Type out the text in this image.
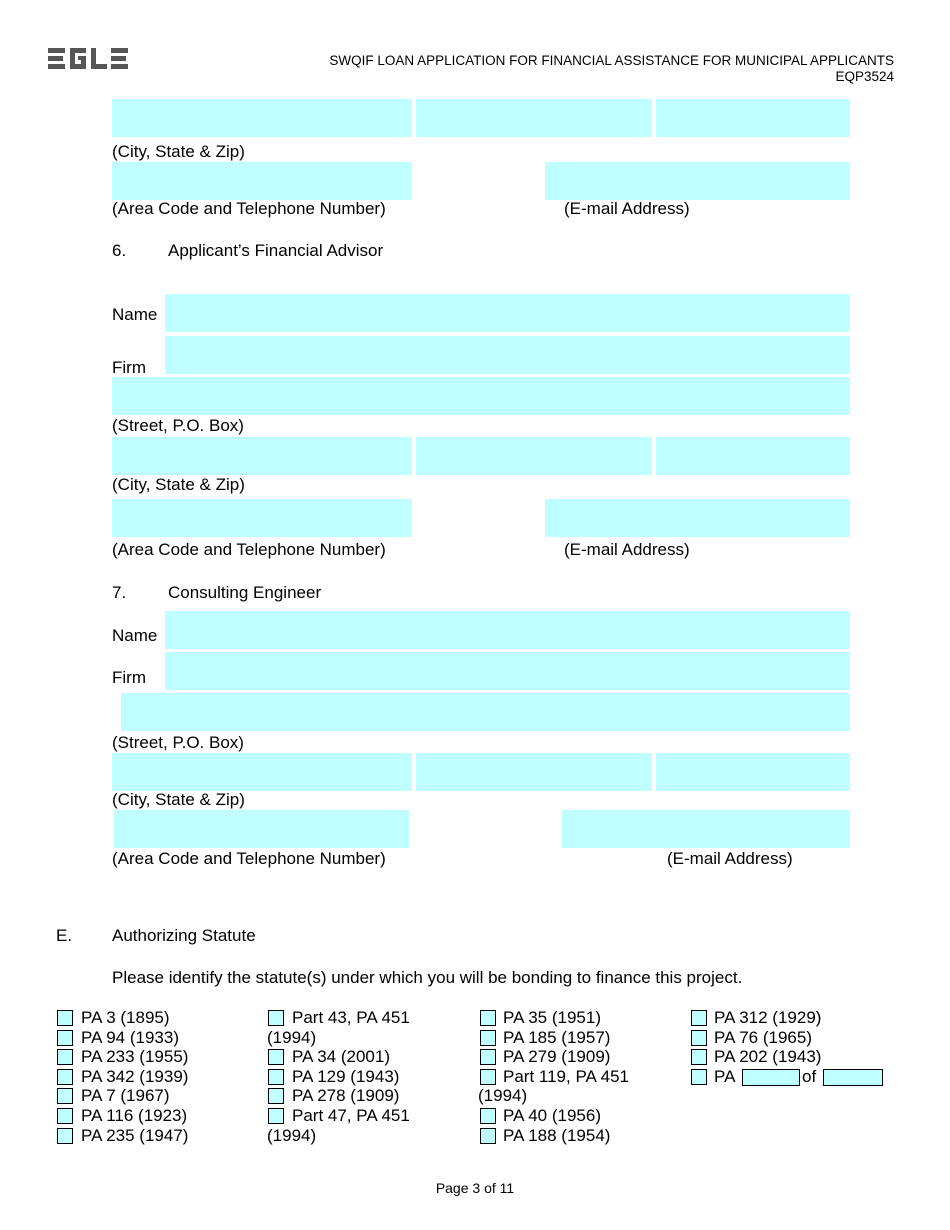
SWQIF LOAN APPLICATION FOR FINANCIAL ASSISTANCE FOR MUNICIPAL APPLICANTS
EQP3524
(City, State & Zip)
(Area Code and Telephone Number)	(E-mail Address)
6. Applicant’s Financial Advisor
Name
Firm
(Street, P.O. Box)
(City, State & Zip)
(Area Code and Telephone Number)	(E-mail Address)
7. Consulting Engineer
Name
Firm
(Street, P.O. Box)
(City, State & Zip)
(Area Code and Telephone Number)	(E-mail Address)
E. Authorizing Statute
Please identify the statute(s) under which you will be bonding to finance this project.
PA 3 (1895)
PA 94 (1933)
PA 233 (1955)
PA 342 (1939)
PA 7 (1967)
PA 116 (1923)
PA 235 (1947)
Part 43, PA 451
(1994)
PA 34 (2001)
PA 129 (1943)
PA 278 (1909)
Part 47, PA 451
(1994)
PA 35 (1951)
PA 185 (1957)
PA 279 (1909)
Part 119, PA 451
(1994)
PA 40 (1956)
PA 188 (1954)
PA 312 (1929)
PA 76 (1965)
PA 202 (1943)
PA	of
Page 3 of 11
